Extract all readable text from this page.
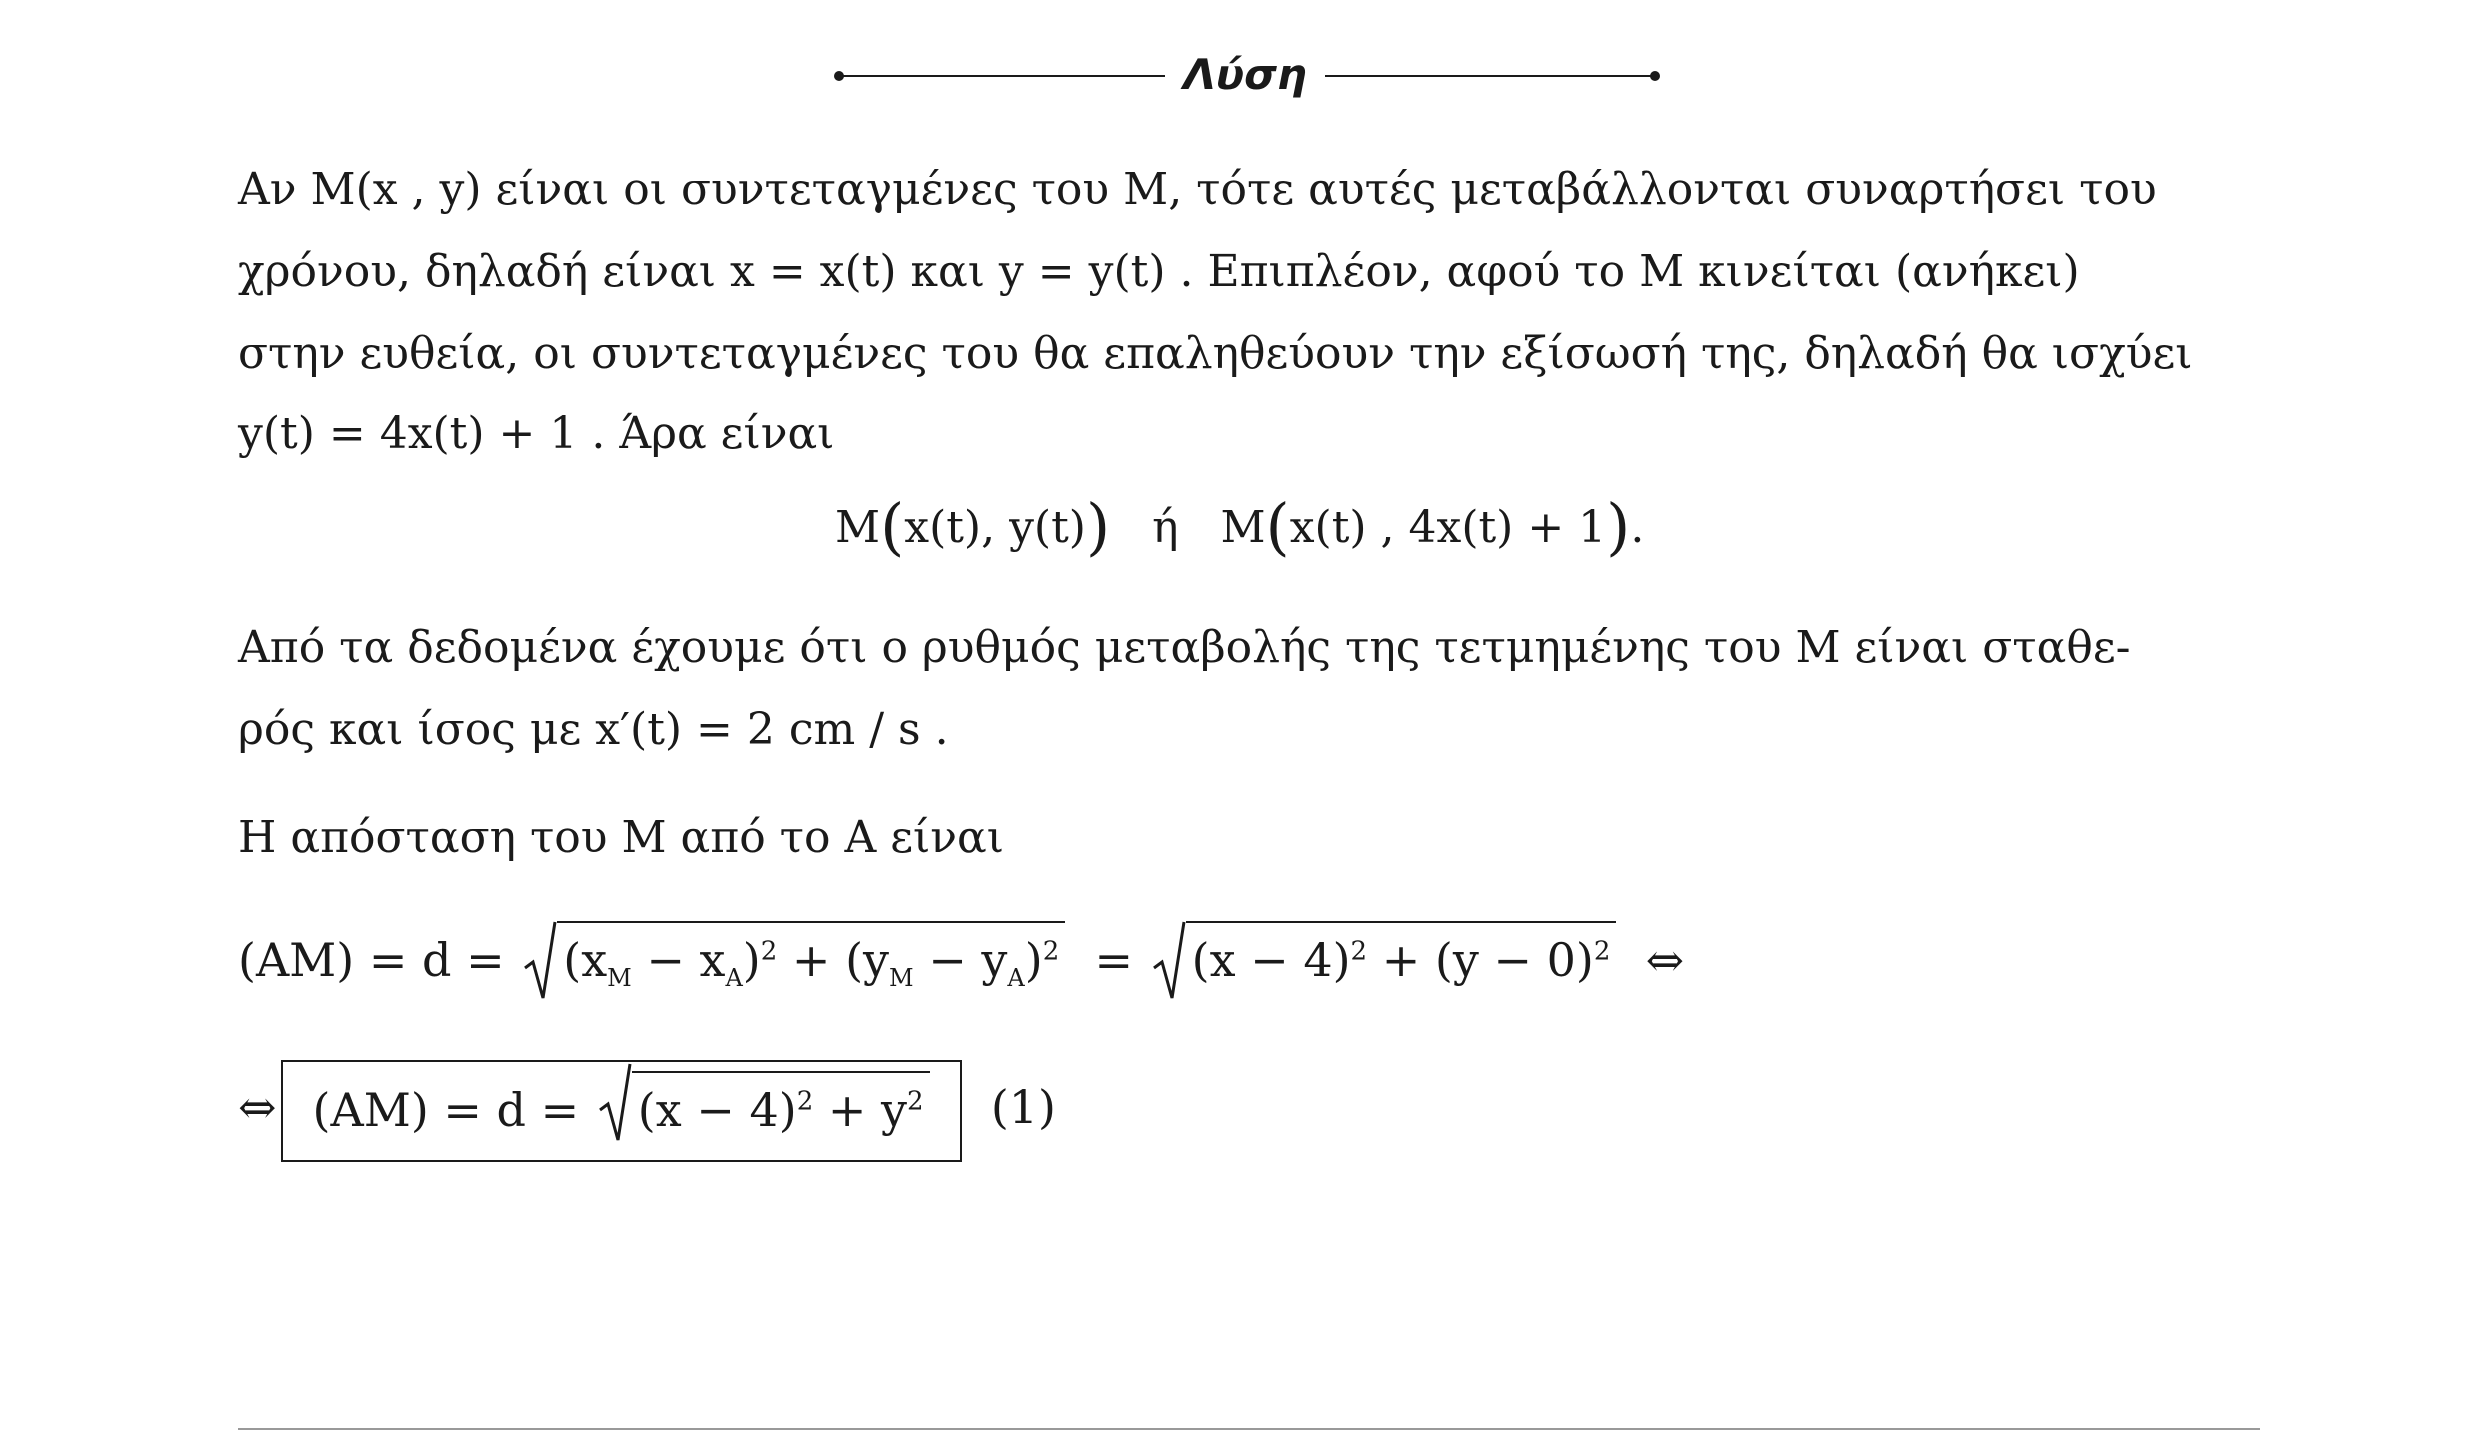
Λύση
Αν M(x , y) είναι οι συντεταγμένες του M, τότε αυτές μεταβάλλονται συναρτήσει του
χρόνου, δηλαδή είναι x = x(t) και y = y(t) . Επιπλέον, αφού το M κινείται (ανήκει)
στην ευθεία, οι συντεταγμένες του θα επαληθεύουν την εξίσωσή της, δηλαδή θα ισχύει
y(t) = 4x(t) + 1 . Άρα είναι
M(x(t), y(t)) ή M(x(t) , 4x(t) + 1).
Από τα δεδομένα έχουμε ότι ο ρυθμός μεταβολής της τετμημένης του M είναι σταθε-
ρός και ίσος με x′(t) = 2 cm / s .
Η απόσταση του M από το A είναι
$(AM) = d = (x_M - x_A)^2 + (y_M - y_A)^2 = (x - 4)^2 + (y - 0)^2$ ⇔
⇔ $(AM) = d = (x - 4)^2 + y^2$ (1)
